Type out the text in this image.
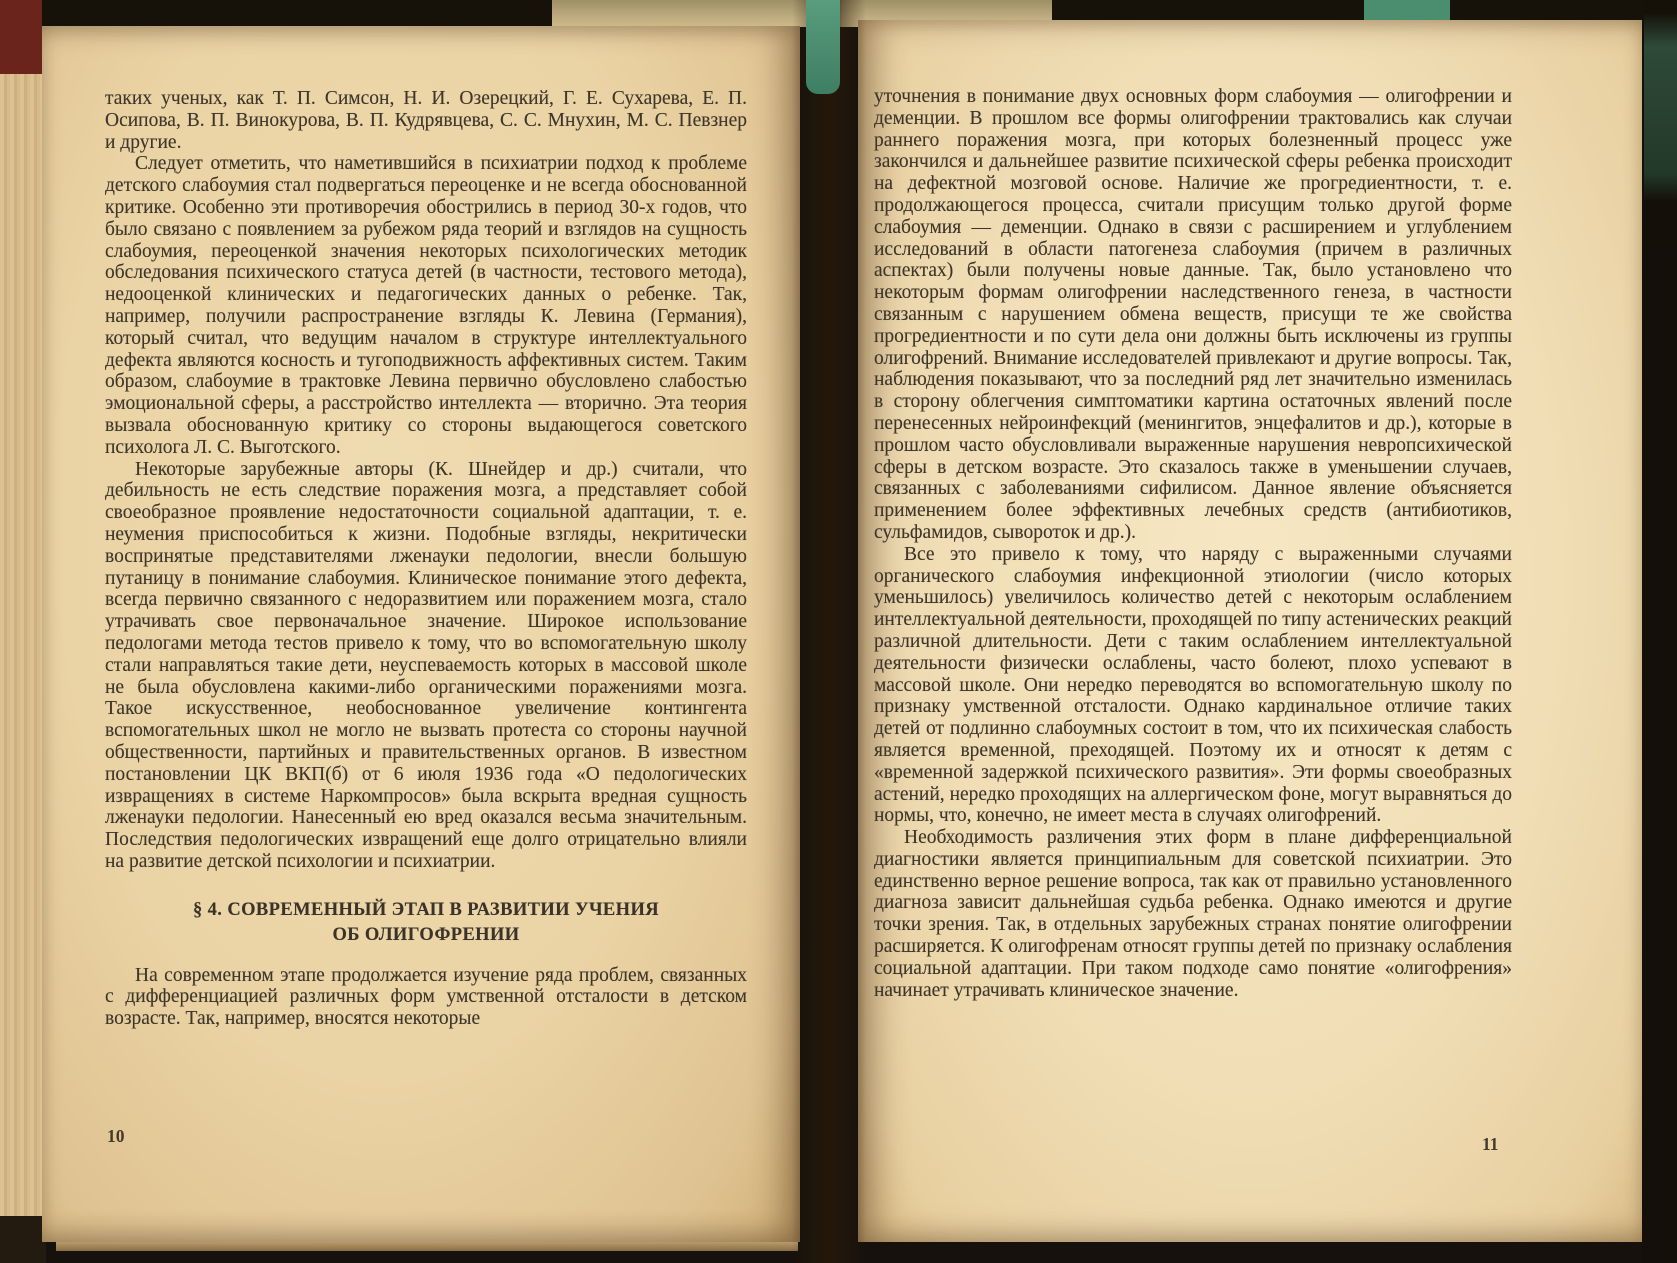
таких ученых, как Т. П. Симсон, Н. И. Озерецкий, Г. Е. Сухарева, Е. П. Осипова, В. П. Винокурова, В. П. Кудрявцева, С. С. Мнухин, М. С. Певзнер и другие.

Следует отметить, что наметившийся в психиатрии подход к проблеме детского слабоумия стал подвергаться переоценке и не всегда обоснованной критике. Особенно эти противоречия обострились в период 30-х годов, что было связано с появлением за рубежом ряда теорий и взглядов на сущность слабоумия, переоценкой значения некоторых психологических методик обследования психического статуса детей (в частности, тестового метода), недооценкой клинических и педагогических данных о ребенке. Так, например, получили распространение взгляды К. Левина (Германия), который считал, что ведущим началом в структуре интеллектуального дефекта являются косность и тугоподвижность аффективных систем. Таким образом, слабоумие в трактовке Левина первично обусловлено слабостью эмоциональной сферы, а расстройство интеллекта — вторично. Эта теория вызвала обоснованную критику со стороны выдающегося советского психолога Л. С. Выготского.

Некоторые зарубежные авторы (К. Шнейдер и др.) считали, что дебильность не есть следствие поражения мозга, а представляет собой своеобразное проявление недостаточности социальной адаптации, т. е. неумения приспособиться к жизни. Подобные взгляды, некритически воспринятые представителями лженауки педологии, внесли большую путаницу в понимание слабоумия. Клиническое понимание этого дефекта, всегда первично связанного с недоразвитием или поражением мозга, стало утрачивать свое первоначальное значение. Широкое использование педологами метода тестов привело к тому, что во вспомогательную школу стали направляться такие дети, неуспеваемость которых в массовой школе не была обусловлена какими-либо органическими поражениями мозга. Такое искусственное, необоснованное увеличение контингента вспомогательных школ не могло не вызвать протеста со стороны научной общественности, партийных и правительственных органов. В известном постановлении ЦК ВКП(б) от 6 июля 1936 года «О педологических извращениях в системе Наркомпросов» была вскрыта вредная сущность лженауки педологии. Нанесенный ею вред оказался весьма значительным. Последствия педологических извращений еще долго отрицательно влияли на развитие детской психологии и психиатрии.

§ 4. СОВРЕМЕННЫЙ ЭТАП В РАЗВИТИИ УЧЕНИЯ
ОБ ОЛИГОФРЕНИИ

На современном этапе продолжается изучение ряда проблем, связанных с дифференциацией различных форм умственной отсталости в детском возрасте. Так, например, вносятся некоторые

10

уточнения в понимание двух основных форм слабоумия — олигофрении и деменции. В прошлом все формы олигофрении трактовались как случаи раннего поражения мозга, при которых болезненный процесс уже закончился и дальнейшее развитие психической сферы ребенка происходит на дефектной мозговой основе. Наличие же прогредиентности, т. е. продолжающегося процесса, считали присущим только другой форме слабоумия — деменции. Однако в связи с расширением и углублением исследований в области патогенеза слабоумия (причем в различных аспектах) были получены новые данные. Так, было установлено что некоторым формам олигофрении наследственного генеза, в частности связанным с нарушением обмена веществ, присущи те же свойства прогредиентности и по сути дела они должны быть исключены из группы олигофрений. Внимание исследователей привлекают и другие вопросы. Так, наблюдения показывают, что за последний ряд лет значительно изменилась в сторону облегчения симптоматики картина остаточных явлений после перенесенных нейроинфекций (менингитов, энцефалитов и др.), которые в прошлом часто обусловливали выраженные нарушения невропсихической сферы в детском возрасте. Это сказалось также в уменьшении случаев, связанных с заболеваниями сифилисом. Данное явление объясняется применением более эффективных лечебных средств (антибиотиков, сульфамидов, сывороток и др.).

Все это привело к тому, что наряду с выраженными случаями органического слабоумия инфекционной этиологии (число которых уменьшилось) увеличилось количество детей с некоторым ослаблением интеллектуальной деятельности, проходящей по типу астенических реакций различной длительности. Дети с таким ослаблением интеллектуальной деятельности физически ослаблены, часто болеют, плохо успевают в массовой школе. Они нередко переводятся во вспомогательную школу по признаку умственной отсталости. Однако кардинальное отличие таких детей от подлинно слабоумных состоит в том, что их психическая слабость является временной, преходящей. Поэтому их и относят к детям с «временной задержкой психического развития». Эти формы своеобразных астений, нередко проходящих на аллергическом фоне, могут выравняться до нормы, что, конечно, не имеет места в случаях олигофрений.

Необходимость различения этих форм в плане дифференциальной диагностики является принципиальным для советской психиатрии. Это единственно верное решение вопроса, так как от правильно установленного диагноза зависит дальнейшая судьба ребенка. Однако имеются и другие точки зрения. Так, в отдельных зарубежных странах понятие олигофрении расширяется. К олигофренам относят группы детей по признаку ослабления социальной адаптации. При таком подходе само понятие «олигофрения» начинает утрачивать клиническое значение.

11
